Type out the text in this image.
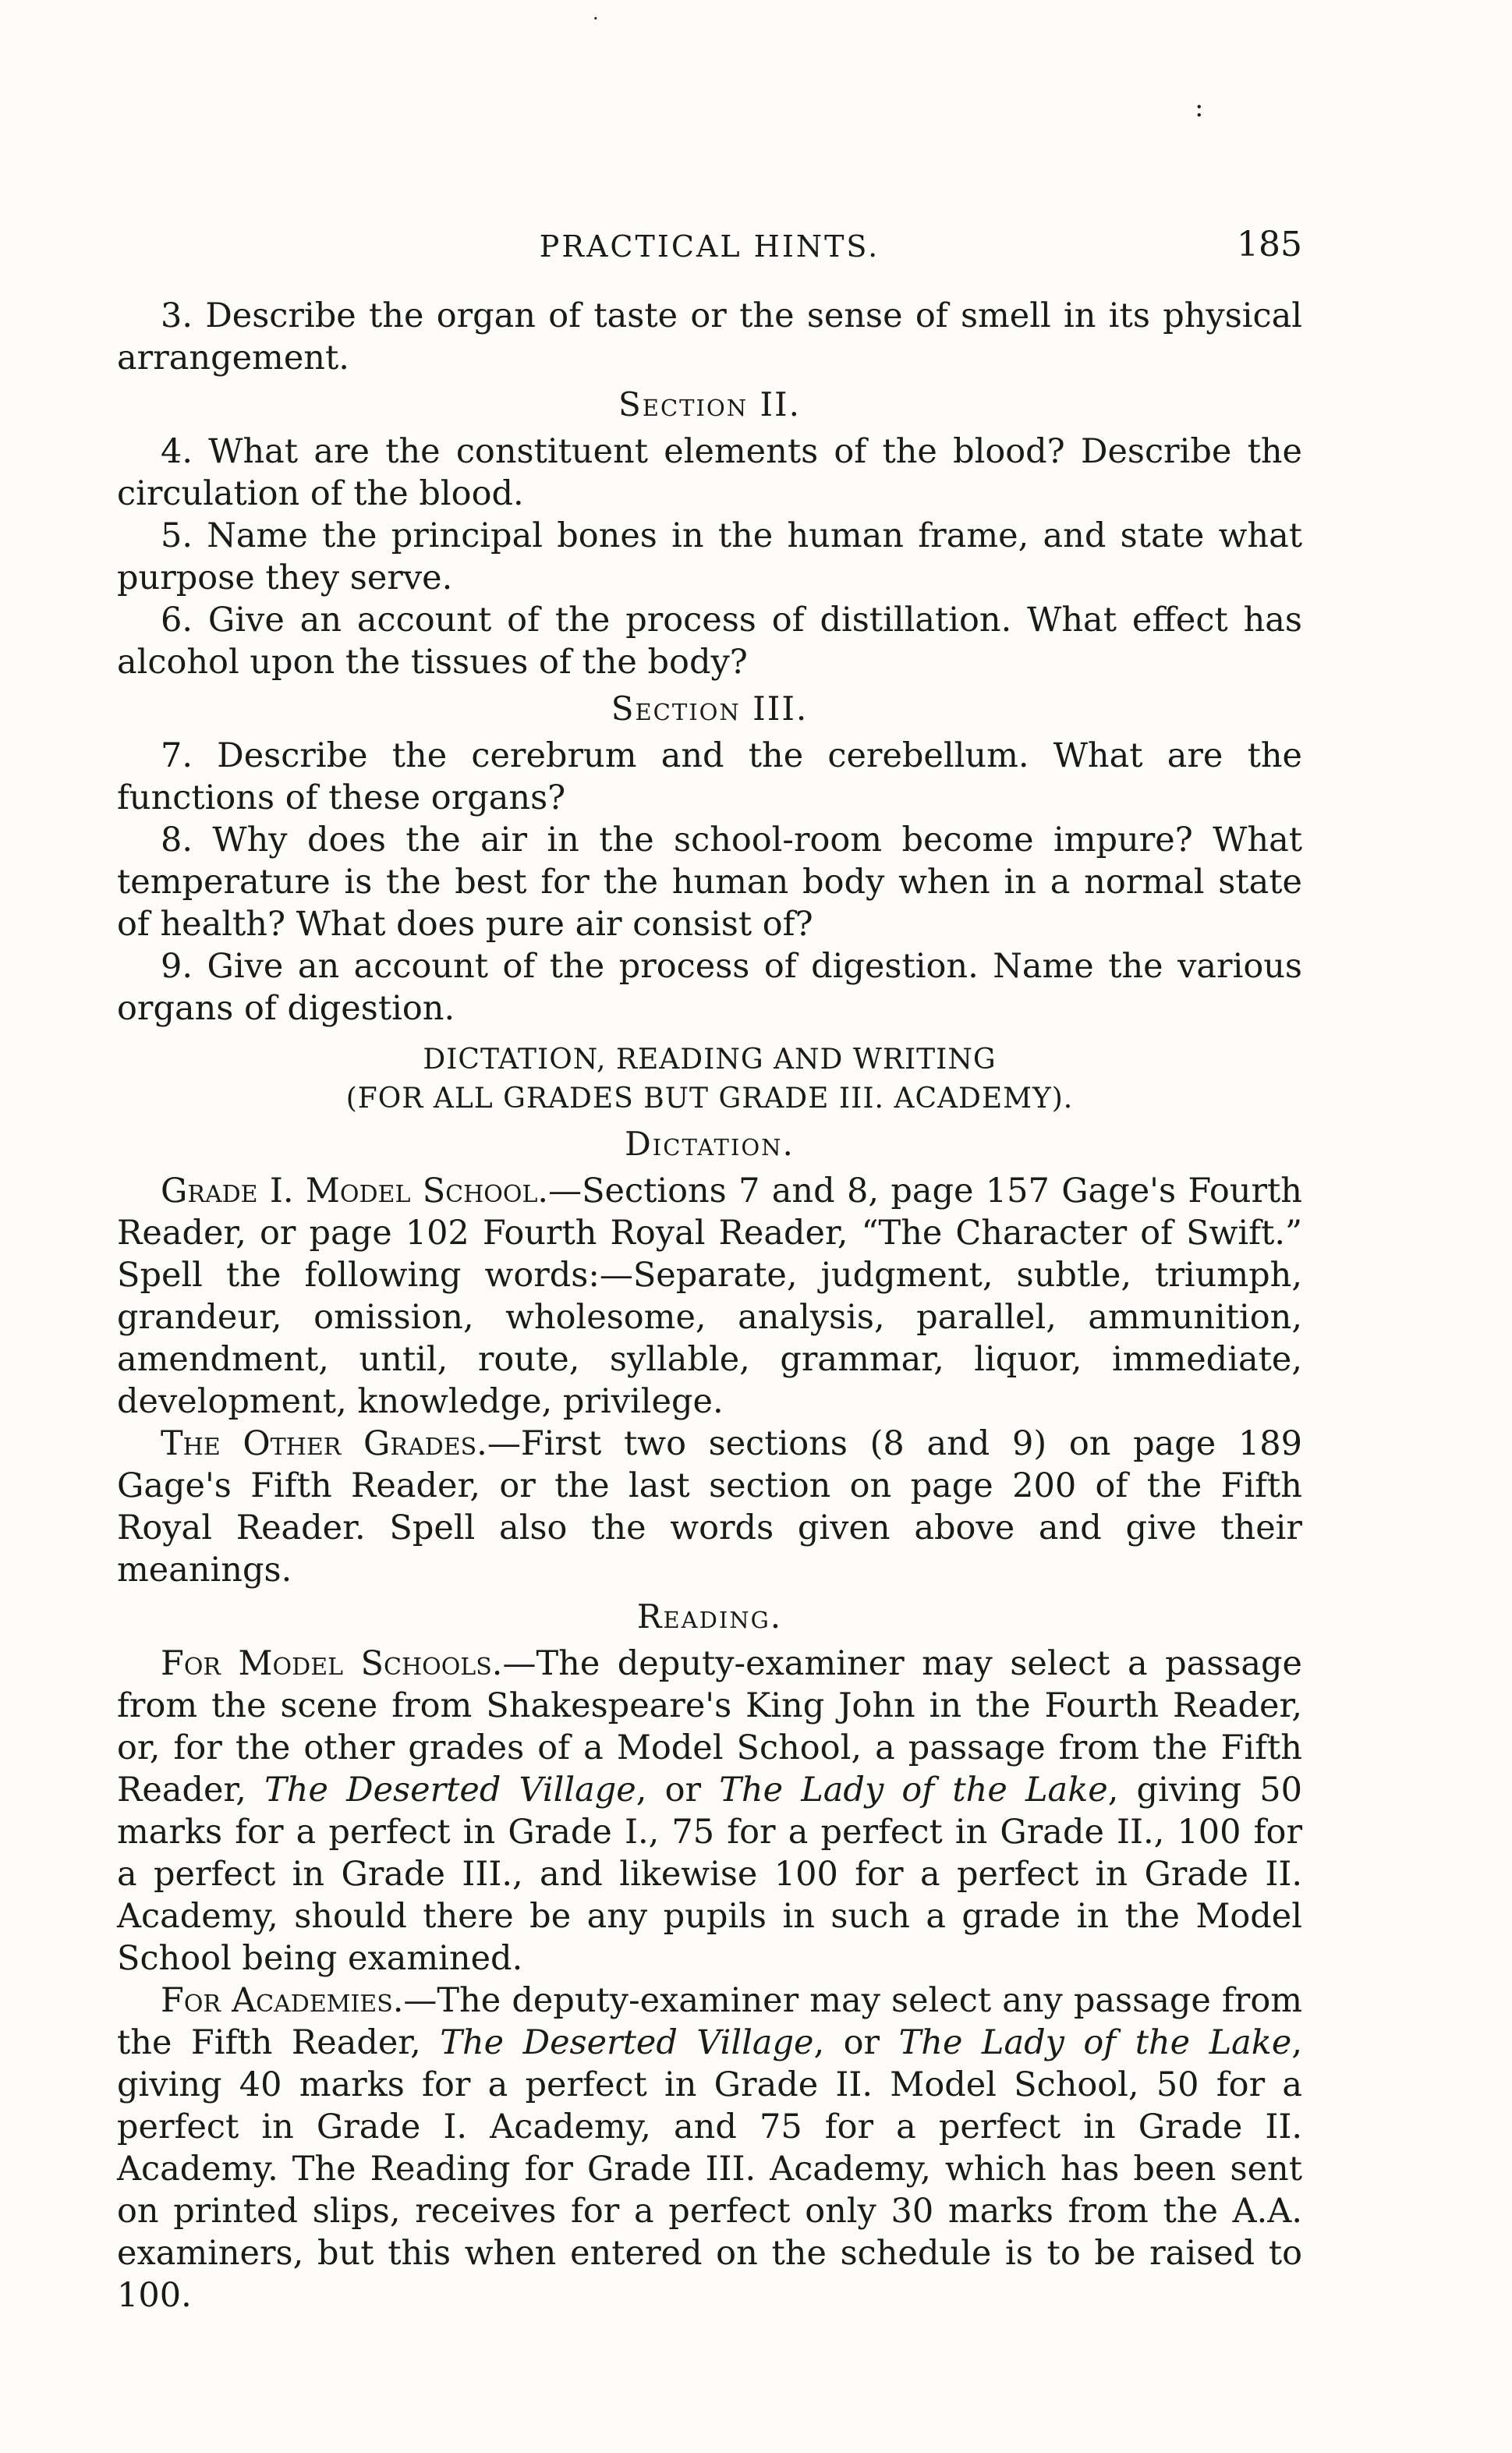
·
:
PRACTICAL HINTS.	185

3. Describe the organ of taste or the sense of smell in its physical arrangement.

Section II.

4. What are the constituent elements of the blood? Describe the circulation of the blood.

5. Name the principal bones in the human frame, and state what purpose they serve.

6. Give an account of the process of distillation. What effect has alcohol upon the tissues of the body?

Section III.

7. Describe the cerebrum and the cerebellum. What are the functions of these organs?

8. Why does the air in the school-room become impure? What temperature is the best for the human body when in a normal state of health? What does pure air consist of?

9. Give an account of the process of digestion. Name the various organs of digestion.

DICTATION, READING AND WRITING
(FOR ALL GRADES BUT GRADE III. ACADEMY).
Dictation.

Grade I. Model School.—Sections 7 and 8, page 157 Gage's Fourth Reader, or page 102 Fourth Royal Reader, “The Character of Swift.” Spell the following words:—Separate, judgment, subtle, triumph, grandeur, omission, wholesome, analysis, parallel, ammunition, amendment, until, route, syllable, grammar, liquor, immediate, development, knowledge, privilege.

The Other Grades.—First two sections (8 and 9) on page 189 Gage's Fifth Reader, or the last section on page 200 of the Fifth Royal Reader. Spell also the words given above and give their meanings.

Reading.

For Model Schools.—The deputy-examiner may select a passage from the scene from Shakespeare's King John in the Fourth Reader, or, for the other grades of a Model School, a passage from the Fifth Reader, The Deserted Village, or The Lady of the Lake, giving 50 marks for a perfect in Grade I., 75 for a perfect in Grade II., 100 for a perfect in Grade III., and likewise 100 for a perfect in Grade II. Academy, should there be any pupils in such a grade in the Model School being examined.

For Academies.—The deputy-examiner may select any passage from the Fifth Reader, The Deserted Village, or The Lady of the Lake, giving 40 marks for a perfect in Grade II. Model School, 50 for a perfect in Grade I. Academy, and 75 for a perfect in Grade II. Academy. The Reading for Grade III. Academy, which has been sent on printed slips, receives for a perfect only 30 marks from the A.A. examiners, but this when entered on the schedule is to be raised to 100.
